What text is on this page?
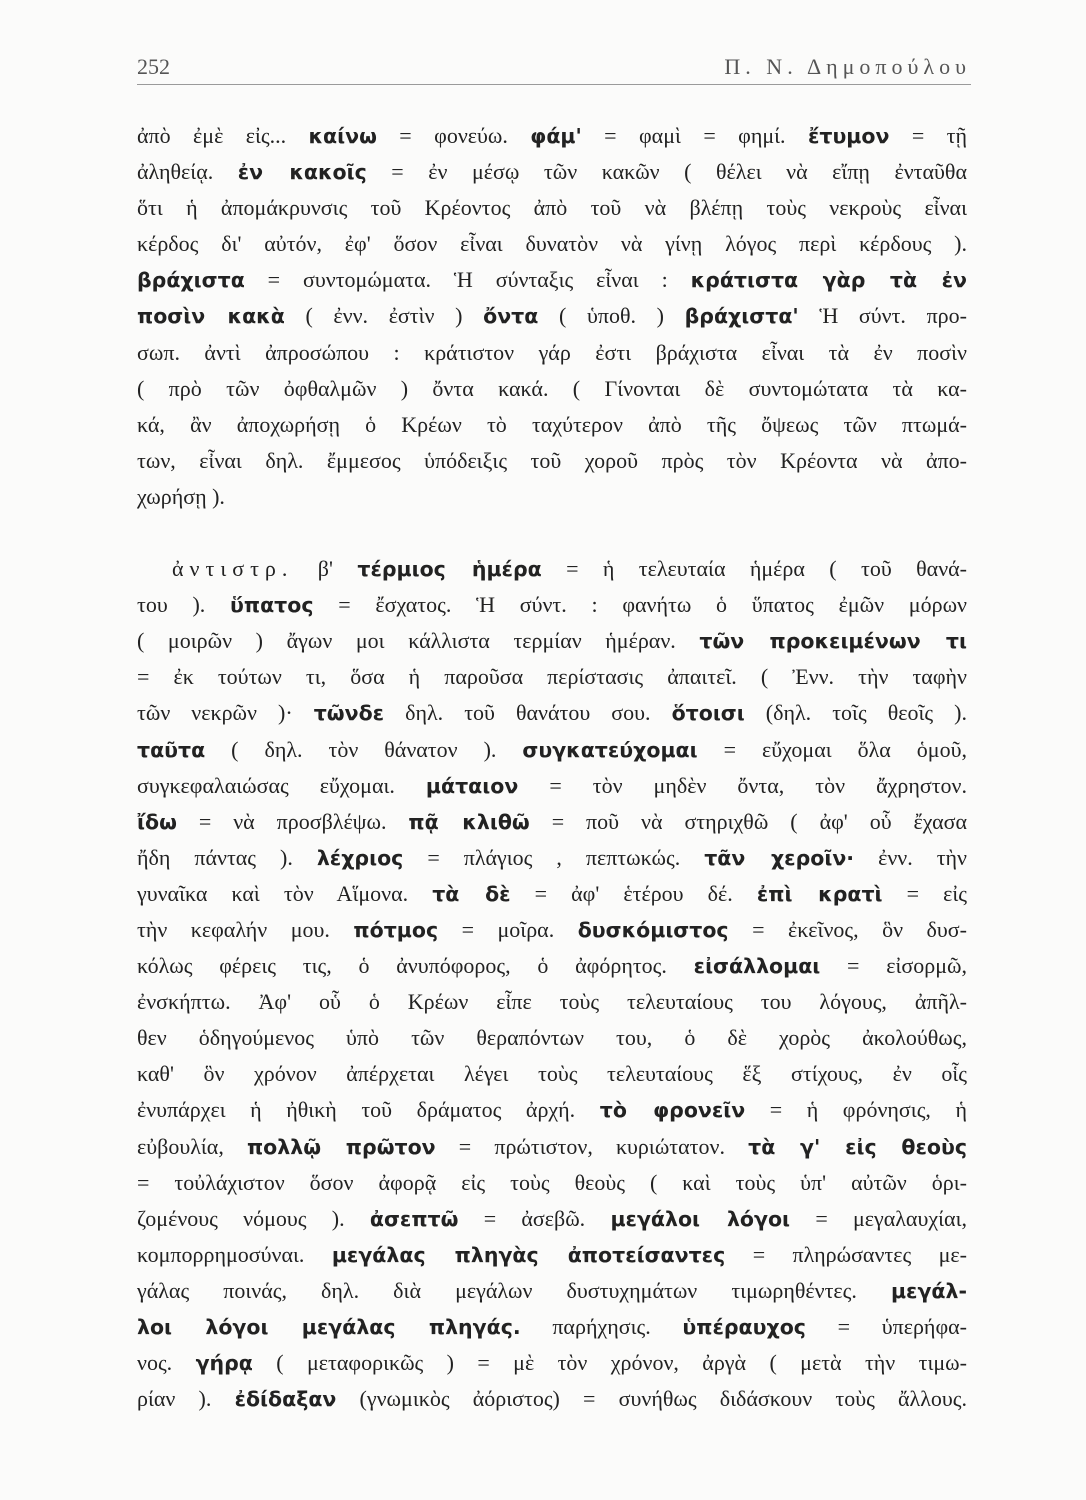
252	Π. Ν. Δημοπούλου

ἀπὸ ἐμὲ εἰς... καίνω = φονεύω. φάμ' = φαμὶ = φημί. ἔτυμον = τῇ

ἀληθείᾳ. ἐν κακοῖς = ἐν μέσῳ τῶν κακῶν ( θέλει νὰ εἴπῃ ἐνταῦθα

ὅτι ἡ ἀπομάκρυνσις τοῦ Κρέοντος ἀπὸ τοῦ νὰ βλέπῃ τοὺς νεκροὺς εἶναι

κέρδος δι' αὐτόν, ἐφ' ὅσον εἶναι δυνατὸν νὰ γίνῃ λόγος περὶ κέρδους ).

βράχιστα = συντομώματα. Ἡ σύνταξις εἶναι : κράτιστα γὰρ τὰ ἐν

ποσὶν κακὰ ( ἐνν. ἐστὶν ) ὄντα ( ὑποθ. ) βράχιστα' Ἡ σύντ. προ-

σωπ. ἀντὶ ἀπροσώπου : κράτιστον γάρ ἐστι βράχιστα εἶναι τὰ ἐν ποσὶν

( πρὸ τῶν ὀφθαλμῶν ) ὄντα κακά. ( Γίνονται δὲ συντομώτατα τὰ κα-

κά, ἂν ἀποχωρήσῃ ὁ Κρέων τὸ ταχύτερον ἀπὸ τῆς ὄψεως τῶν πτωμά-

των, εἶναι δηλ. ἔμμεσος ὑπόδειξις τοῦ χοροῦ πρὸς τὸν Κρέοντα νὰ ἀπο-

χωρήσῃ ).

ἀντιστρ. β' τέρμιος ἡμέρα = ἡ τελευταία ἡμέρα ( τοῦ θανά-

του ). ὕπατος = ἔσχατος. Ἡ σύντ. : φανήτω ὁ ὕπατος ἐμῶν μόρων

( μοιρῶν ) ἄγων μοι κάλλιστα τερμίαν ἡμέραν. τῶν προκειμένων τι

= ἐκ τούτων τι, ὅσα ἡ παροῦσα περίστασις ἀπαιτεῖ. ( Ἐνν. τὴν ταφὴν

τῶν νεκρῶν )· τῶνδε δηλ. τοῦ θανάτου σου. ὅτοισι (δηλ. τοῖς θεοῖς ).

ταῦτα ( δηλ. τὸν θάνατον ). συγκατεύχομαι = εὔχομαι ὅλα ὁμοῦ,

συγκεφαλαιώσας εὔχομαι. μάταιον = τὸν μηδὲν ὄντα, τὸν ἄχρηστον.

ἴδω = νὰ προσβλέψω. πᾷ κλιθῶ = ποῦ νὰ στηριχθῶ ( ἀφ' οὗ ἔχασα

ἤδη πάντας ). λέχριος = πλάγιος , πεπτωκώς. τᾶν χεροῖν· ἐνν. τὴν

γυναῖκα καὶ τὸν Αἵμονα. τὰ δὲ = ἀφ' ἑτέρου δέ. ἐπὶ κρατὶ = εἰς

τὴν κεφαλήν μου. πότμος = μοῖρα. δυσκόμιστος = ἐκεῖνος, ὃν δυσ-

κόλως φέρεις τις, ὁ ἀνυπόφορος, ὁ ἀφόρητος. εἰσάλλομαι = εἰσορμῶ,

ἐνσκήπτω. Ἀφ' οὗ ὁ Κρέων εἶπε τοὺς τελευταίους του λόγους, ἀπῆλ-

θεν ὁδηγούμενος ὑπὸ τῶν θεραπόντων του, ὁ δὲ χορὸς ἀκολούθως,

καθ' ὃν χρόνον ἀπέρχεται λέγει τοὺς τελευταίους ἕξ στίχους, ἐν οἷς

ἐνυπάρχει ἡ ἠθικὴ τοῦ δράματος ἀρχή. τὸ φρονεῖν = ἡ φρόνησις, ἡ

εὐβουλία, πολλῷ πρῶτον = πρώτιστον, κυριώτατον. τὰ γ' εἰς θεοὺς

= τοὐλάχιστον ὅσον ἀφορᾷ εἰς τοὺς θεοὺς ( καὶ τοὺς ὑπ' αὐτῶν ὁρι-

ζομένους νόμους ). ἀσεπτῶ = ἀσεβῶ. μεγάλοι λόγοι = μεγαλαυχίαι,

κομπορρημοσύναι. μεγάλας πληγὰς ἀποτείσαντες = πληρώσαντες με-

γάλας ποινάς, δηλ. διὰ μεγάλων δυστυχημάτων τιμωρηθέντες. μεγάλ-

λοι λόγοι μεγάλας πληγάς. παρήχησις. ὑπέραυχος = ὑπερήφα-

νος. γήρᾳ ( μεταφορικῶς ) = μὲ τὸν χρόνον, ἀργὰ ( μετὰ τὴν τιμω-

ρίαν ). ἐδίδαξαν (γνωμικὸς ἀόριστος) = συνήθως διδάσκουν τοὺς ἄλλους.
